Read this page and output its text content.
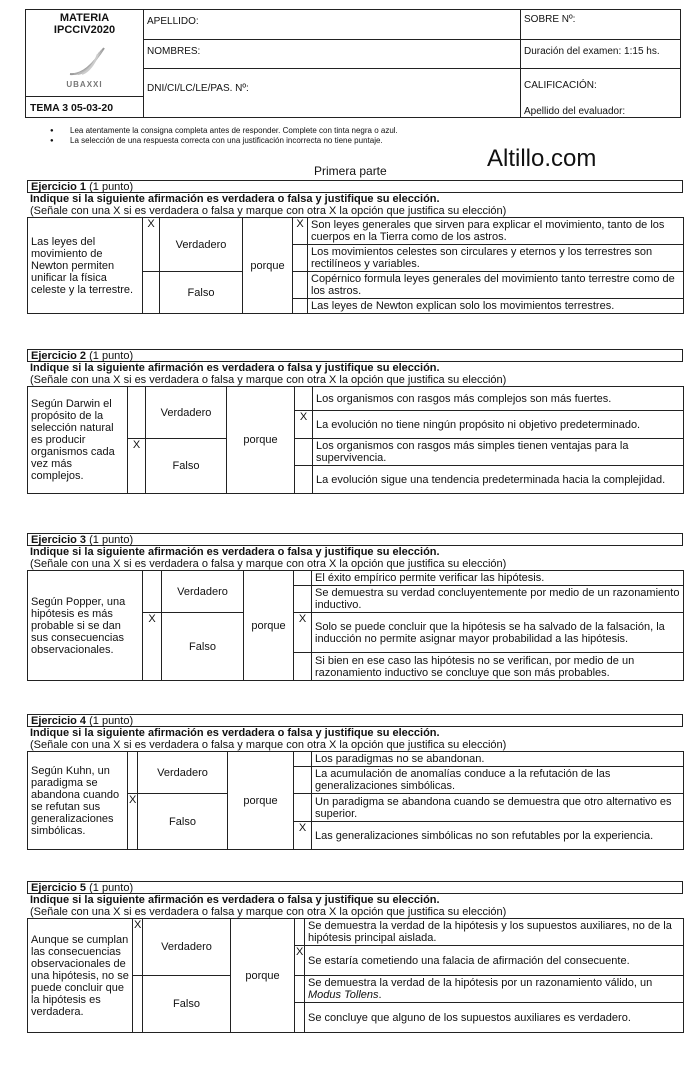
MATERIA
IPCCIV2020
UBAXXI
TEMA 3 05-03-20
APELLIDO:
NOMBRES:
DNI/CI/LC/LE/PAS. Nº:
SOBRE Nº:
Duración del examen: 1:15 hs.
CALIFICACIÓN:
Apellido del evaluador:
● Lea atentamente la consigna completa antes de responder. Complete con tinta negra o azul.
● La selección de una respuesta correcta con una justificación incorrecta no tiene puntaje.
Altillo.com
Primera parte
Ejercicio 1 (1 punto)
Indique si la siguiente afirmación es verdadera o falsa y justifique su elección.
(Señale con una X si es verdadera o falsa y marque con otra X la opción que justifica su elección)
Las leyes del movimiento de Newton permiten unificar la física celeste y la terrestre.	X	Verdadero	porque	X	Son leyes generales que sirven para explicar el movimiento, tanto de los cuerpos en la Tierra como de los astros.
					Los movimientos celestes son circulares y eternos y los terrestres son rectilíneos y variables.
		Falso			Copérnico formula leyes generales del movimiento tanto terrestre como de los astros.
					Las leyes de Newton explican solo los movimientos terrestres.
Ejercicio 2 (1 punto)
Indique si la siguiente afirmación es verdadera o falsa y justifique su elección.
(Señale con una X si es verdadera o falsa y marque con otra X la opción que justifica su elección)
Según Darwin el propósito de la selección natural es producir organismos cada vez más complejos.		Verdadero	porque		Los organismos con rasgos más complejos son más fuertes.
				X	La evolución no tiene ningún propósito ni objetivo predeterminado.
	X	Falso			Los organismos con rasgos más simples tienen ventajas para la supervivencia.
					La evolución sigue una tendencia predeterminada hacia la complejidad.
Ejercicio 3 (1 punto)
Indique si la siguiente afirmación es verdadera o falsa y justifique su elección.
(Señale con una X si es verdadera o falsa y marque con otra X la opción que justifica su elección)
Según Popper, una hipótesis es más probable si se dan sus consecuencias observacionales.		Verdadero	porque		El éxito empírico permite verificar las hipótesis.
					Se demuestra su verdad concluyentemente por medio de un razonamiento inductivo.
	X	Falso		X	Solo se puede concluir que la hipótesis se ha salvado de la falsación, la inducción no permite asignar mayor probabilidad a las hipótesis.
					Si bien en ese caso las hipótesis no se verifican, por medio de un razonamiento inductivo se concluye que son más probables.
Ejercicio 4 (1 punto)
Indique si la siguiente afirmación es verdadera o falsa y justifique su elección.
(Señale con una X si es verdadera o falsa y marque con otra X la opción que justifica su elección)
Según Kuhn, un paradigma se abandona cuando se refutan sus generalizaciones simbólicas.		Verdadero	porque		Los paradigmas no se abandonan.
					La acumulación de anomalías conduce a la refutación de las generalizaciones simbólicas.
	X	Falso			Un paradigma se abandona cuando se demuestra que otro alternativo es superior.
				X	Las generalizaciones simbólicas no son refutables por la experiencia.
Ejercicio 5 (1 punto)
Indique si la siguiente afirmación es verdadera o falsa y justifique su elección.
(Señale con una X si es verdadera o falsa y marque con otra X la opción que justifica su elección)
Aunque se cumplan las consecuencias observacionales de una hipótesis, no se puede concluir que la hipótesis es verdadera.	X	Verdadero	porque		Se demuestra la verdad de la hipótesis y los supuestos auxiliares, no de la hipótesis principal aislada.
				X	Se estaría cometiendo una falacia de afirmación del consecuente.
		Falso			Se demuestra la verdad de la hipótesis por un razonamiento válido, un Modus Tollens.
					Se concluye que alguno de los supuestos auxiliares es verdadero.
